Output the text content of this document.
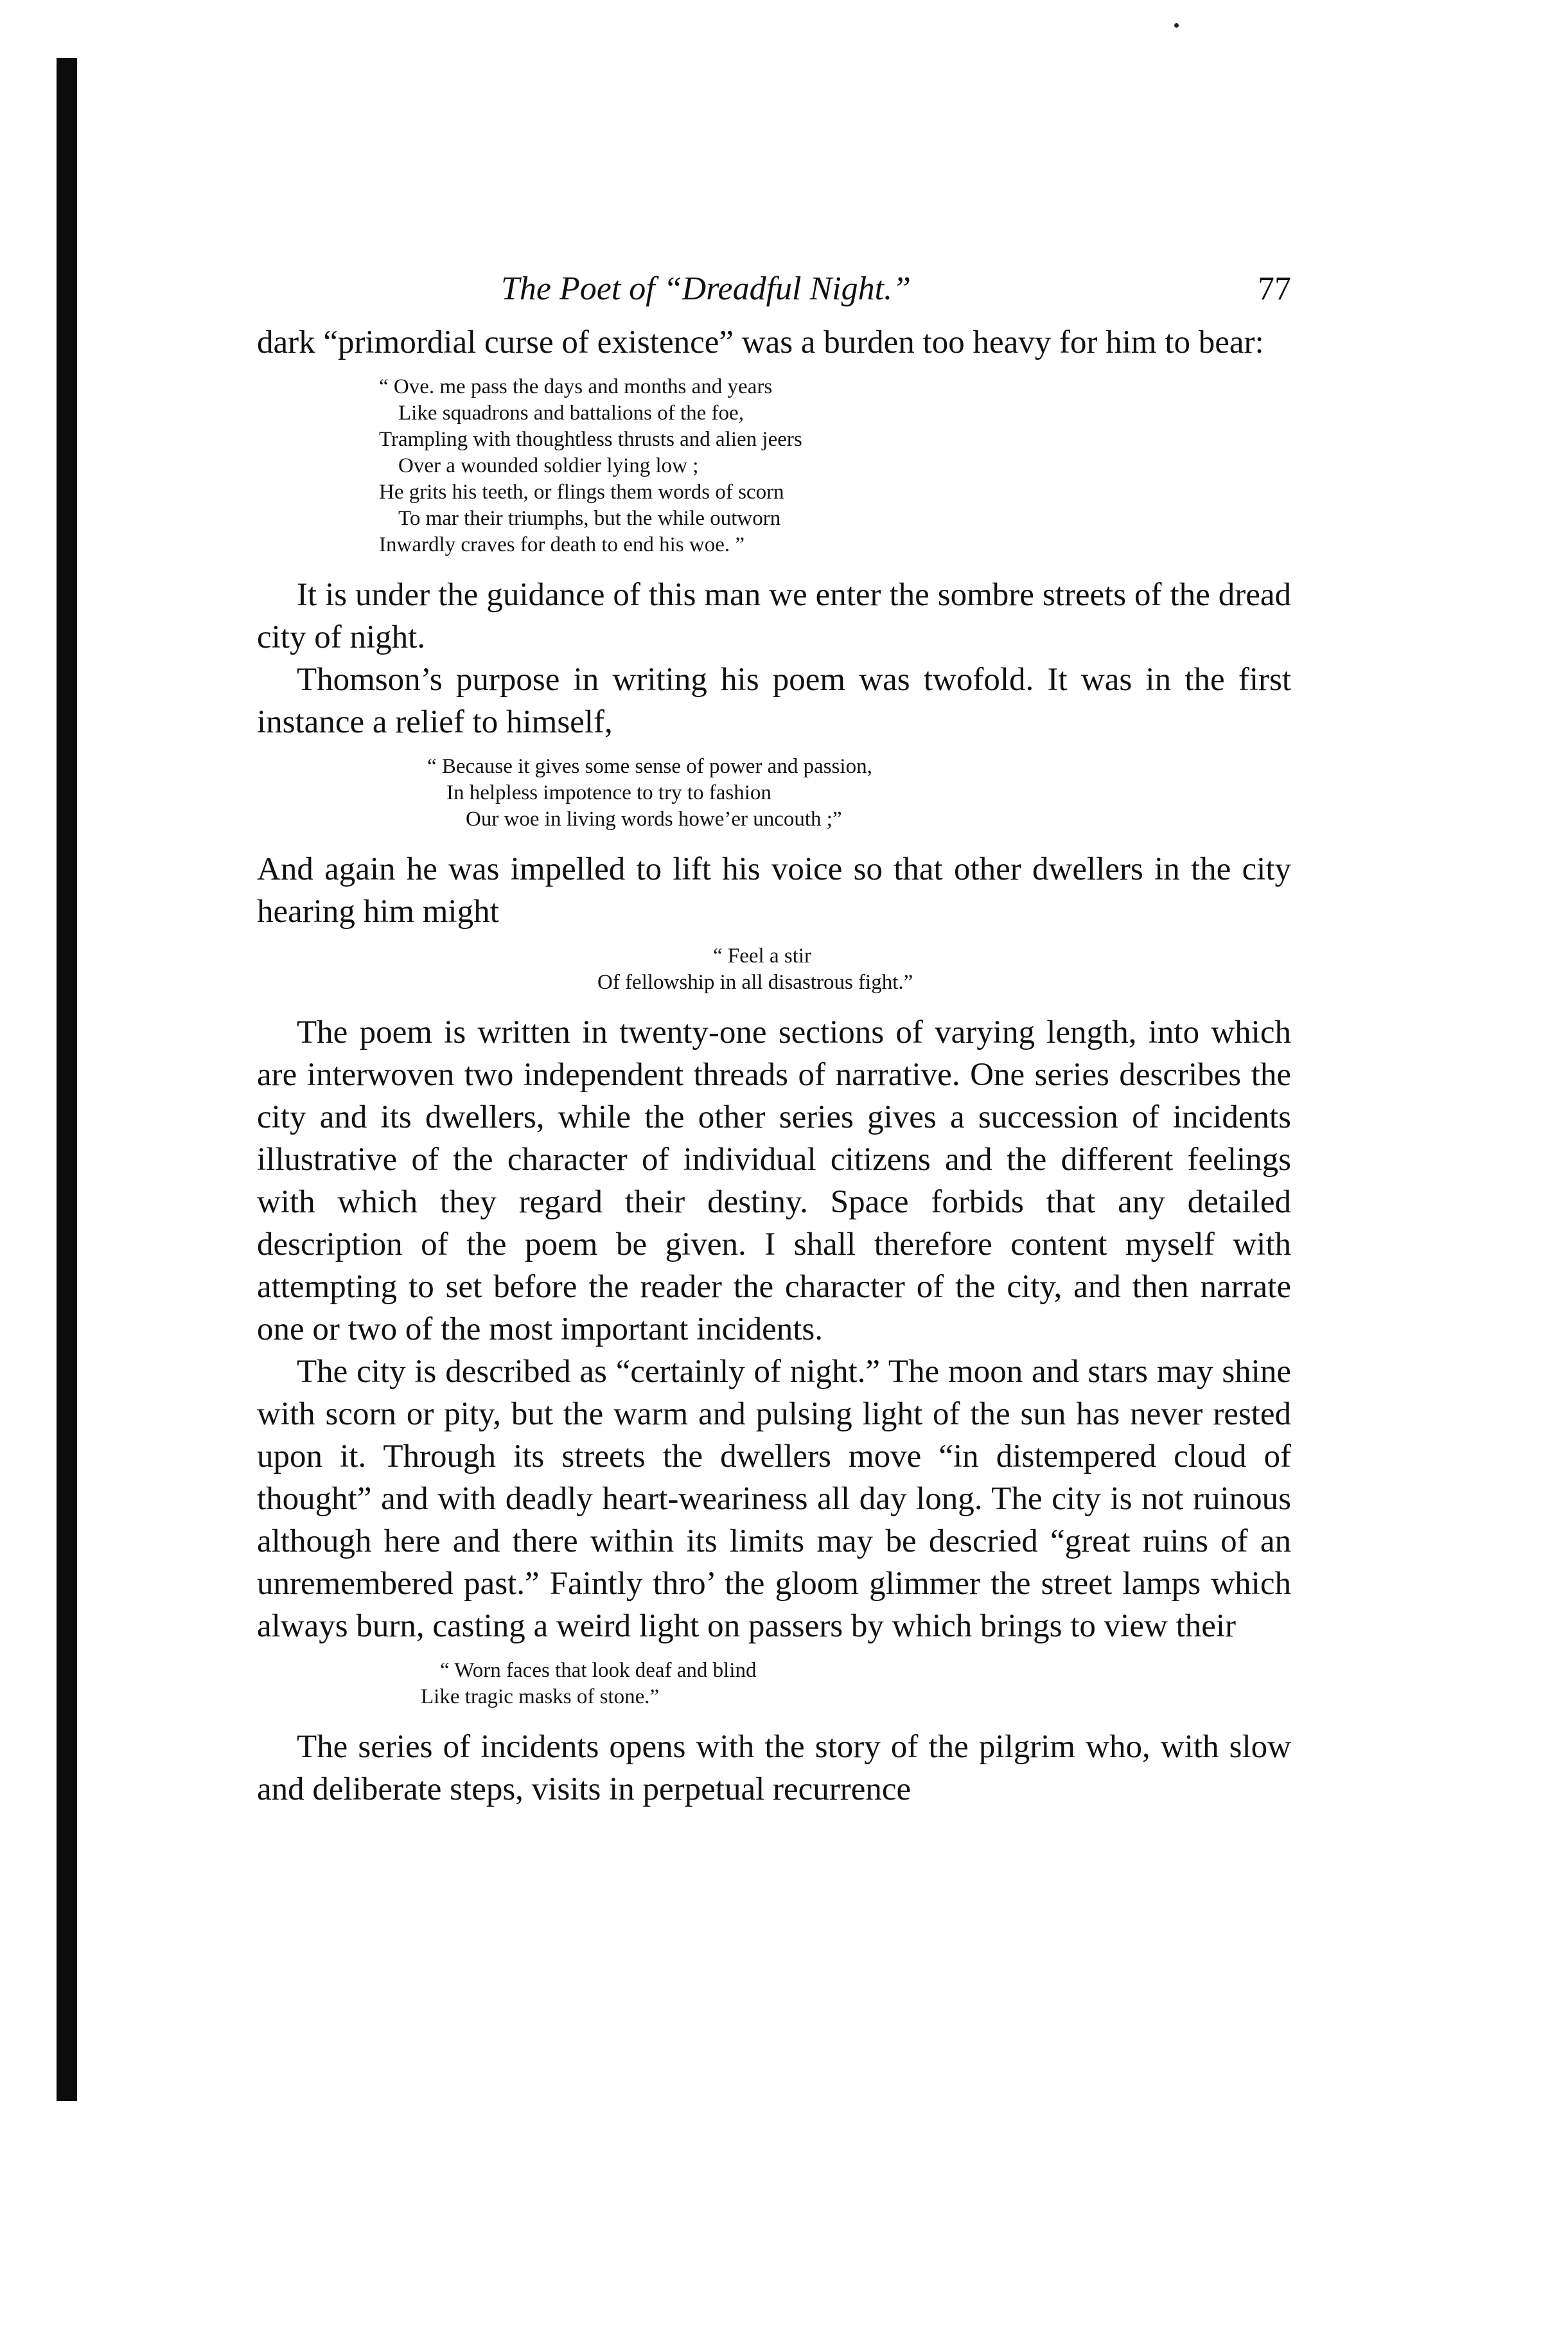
The Poet of “Dreadful Night.”	77

dark “primordial curse of existence” was a burden too heavy for him to bear:

“ Ove. me pass the days and months and years
Like squadrons and battalions of the foe,
Trampling with thoughtless thrusts and alien jeers
Over a wounded soldier lying low ;
He grits his teeth, or flings them words of scorn
To mar their triumphs, but the while outworn
Inwardly craves for death to end his woe. ”

It is under the guidance of this man we enter the sombre streets of the dread city of night.

Thomson’s purpose in writing his poem was twofold. It was in the first instance a relief to himself,

“ Because it gives some sense of power and passion,
In helpless impotence to try to fashion
Our woe in living words howe’er uncouth ;”

And again he was impelled to lift his voice so that other dwellers in the city hearing him might

“ Feel a stir
Of fellowship in all disastrous fight.”

The poem is written in twenty-one sections of varying length, into which are interwoven two independent threads of narrative. One series describes the city and its dwellers, while the other series gives a succession of incidents illustrative of the character of individual citizens and the different feelings with which they regard their destiny. Space forbids that any detailed description of the poem be given. I shall therefore content myself with attempting to set before the reader the character of the city, and then narrate one or two of the most important incidents.

The city is described as “certainly of night.” The moon and stars may shine with scorn or pity, but the warm and pulsing light of the sun has never rested upon it. Through its streets the dwellers move “in distempered cloud of thought” and with deadly heart-weariness all day long. The city is not ruinous although here and there within its limits may be descried “great ruins of an unremembered past.” Faintly thro’ the gloom glimmer the street lamps which always burn, casting a weird light on passers by which brings to view their

“ Worn faces that look deaf and blind
Like tragic masks of stone.”

The series of incidents opens with the story of the pilgrim who, with slow and deliberate steps, visits in perpetual recurrence
